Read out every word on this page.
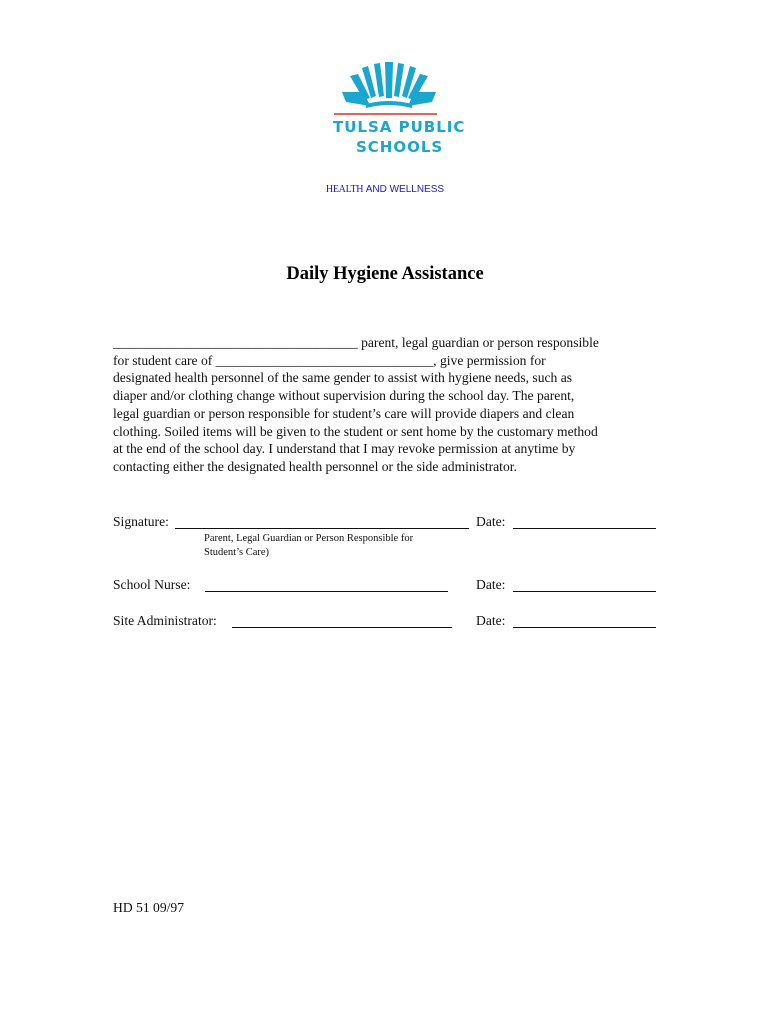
TULSA PUBLIC
SCHOOLS
HEALTH AND WELLNESS
Daily Hygiene Assistance
____________________________________ parent, legal guardian or person responsible
for student care of ________________________________, give permission for
designated health personnel of the same gender to assist with hygiene needs, such as
diaper and/or clothing change without supervision during the school day. The parent,
legal guardian or person responsible for student’s care will provide diapers and clean
clothing. Soiled items will be given to the student or sent home by the customary method
at the end of the school day. I understand that I may revoke permission at anytime by
contacting either the designated health personnel or the side administrator.
Signature:	Date:
Parent, Legal Guardian or Person Responsible for
Student’s Care)
School Nurse:	Date:
Site Administrator:	Date:
HD 51 09/97
